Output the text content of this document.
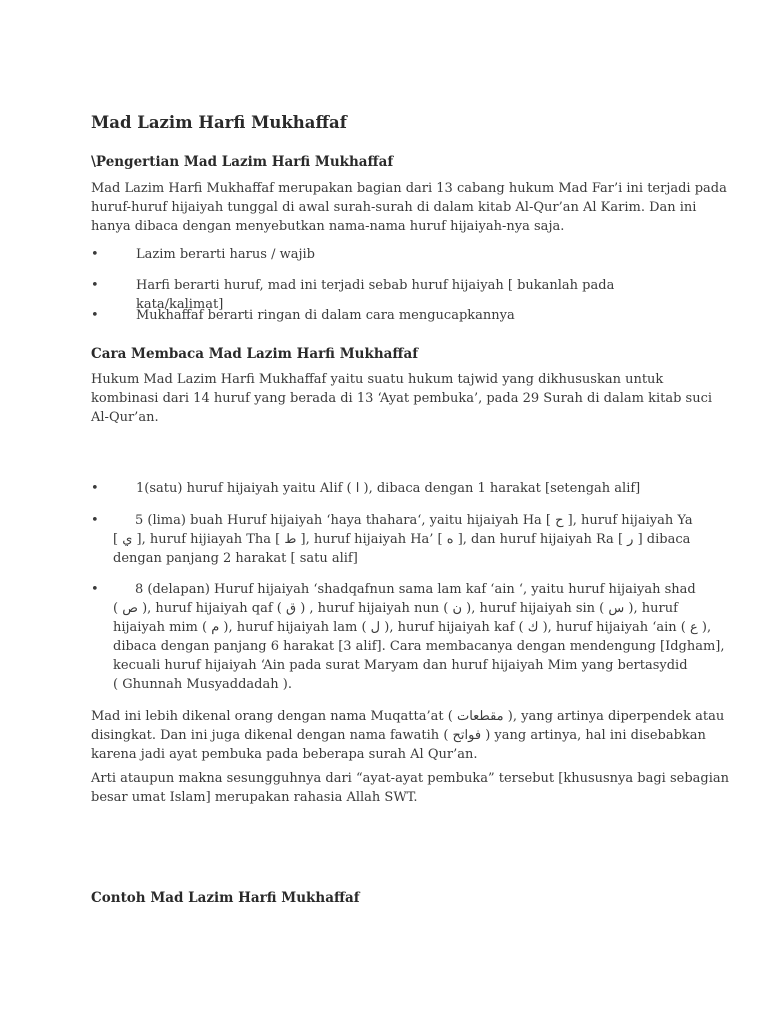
Mad Lazim Harfi Mukhaffaf
\Pengertian Mad Lazim Harfi Mukhaffaf
Mad Lazim Harfi Mukhaffaf merupakan bagian dari 13 cabang hukum Mad Far’i ini terjadi pada
huruf-huruf hijaiyah tunggal di awal surah-surah di dalam kitab Al-Qur’an Al Karim. Dan ini
hanya dibaca dengan menyebutkan nama-nama huruf hijaiyah-nya saja.
•	Lazim berarti harus / wajib
•	Harfi berarti huruf, mad ini terjadi sebab huruf hijaiyah [ bukanlah pada kata/kalimat]
•	Mukhaffaf berarti ringan di dalam cara mengucapkannya
Cara Membaca Mad Lazim Harfi Mukhaffaf
Hukum Mad Lazim Harfi Mukhaffaf yaitu suatu hukum tajwid yang dikhususkan untuk
kombinasi dari 14 huruf yang berada di 13 ‘Ayat pembuka’, pada 29 Surah di dalam kitab suci
Al-Qur’an.
•	1(satu) huruf hijaiyah yaitu Alif ( ا ), dibaca dengan 1 harakat [setengah alif]
•	5 (lima) buah Huruf hijaiyah ‘haya thahara‘, yaitu hijaiyah Ha [ ح ], huruf hijaiyah Ya
[ ي ], huruf hijiayah Tha [ ط ], huruf hijaiyah Ha’ [ ه ], dan huruf hijaiyah Ra [ ر ] dibaca
dengan panjang 2 harakat [ satu alif]
•	8 (delapan) Huruf hijaiyah ‘shadqafnun sama lam kaf ‘ain ‘, yaitu huruf hijaiyah shad
( ص ), huruf hijaiyah qaf ( ق ) , huruf hijaiyah nun ( ن ), huruf hijaiyah sin ( س ), huruf
hijaiyah mim ( م ), huruf hijaiyah lam ( ل ), huruf hijaiyah kaf ( ك ), huruf hijaiyah ‘ain ( ع ),
dibaca dengan panjang 6 harakat [3 alif]. Cara membacanya dengan mendengung [Idgham],
kecuali huruf hijaiyah ‘Ain pada surat Maryam dan huruf hijaiyah Mim yang bertasydid
( Ghunnah Musyaddadah ).
Mad ini lebih dikenal orang dengan nama Muqatta’at ( مقطعات ), yang artinya diperpendek atau
disingkat. Dan ini juga dikenal dengan nama fawatih ( فواتح ) yang artinya, hal ini disebabkan
karena jadi ayat pembuka pada beberapa surah Al Qur’an.
Arti ataupun makna sesungguhnya dari “ayat-ayat pembuka” tersebut [khususnya bagi sebagian
besar umat Islam] merupakan rahasia Allah SWT.
Contoh Mad Lazim Harfi Mukhaffaf
